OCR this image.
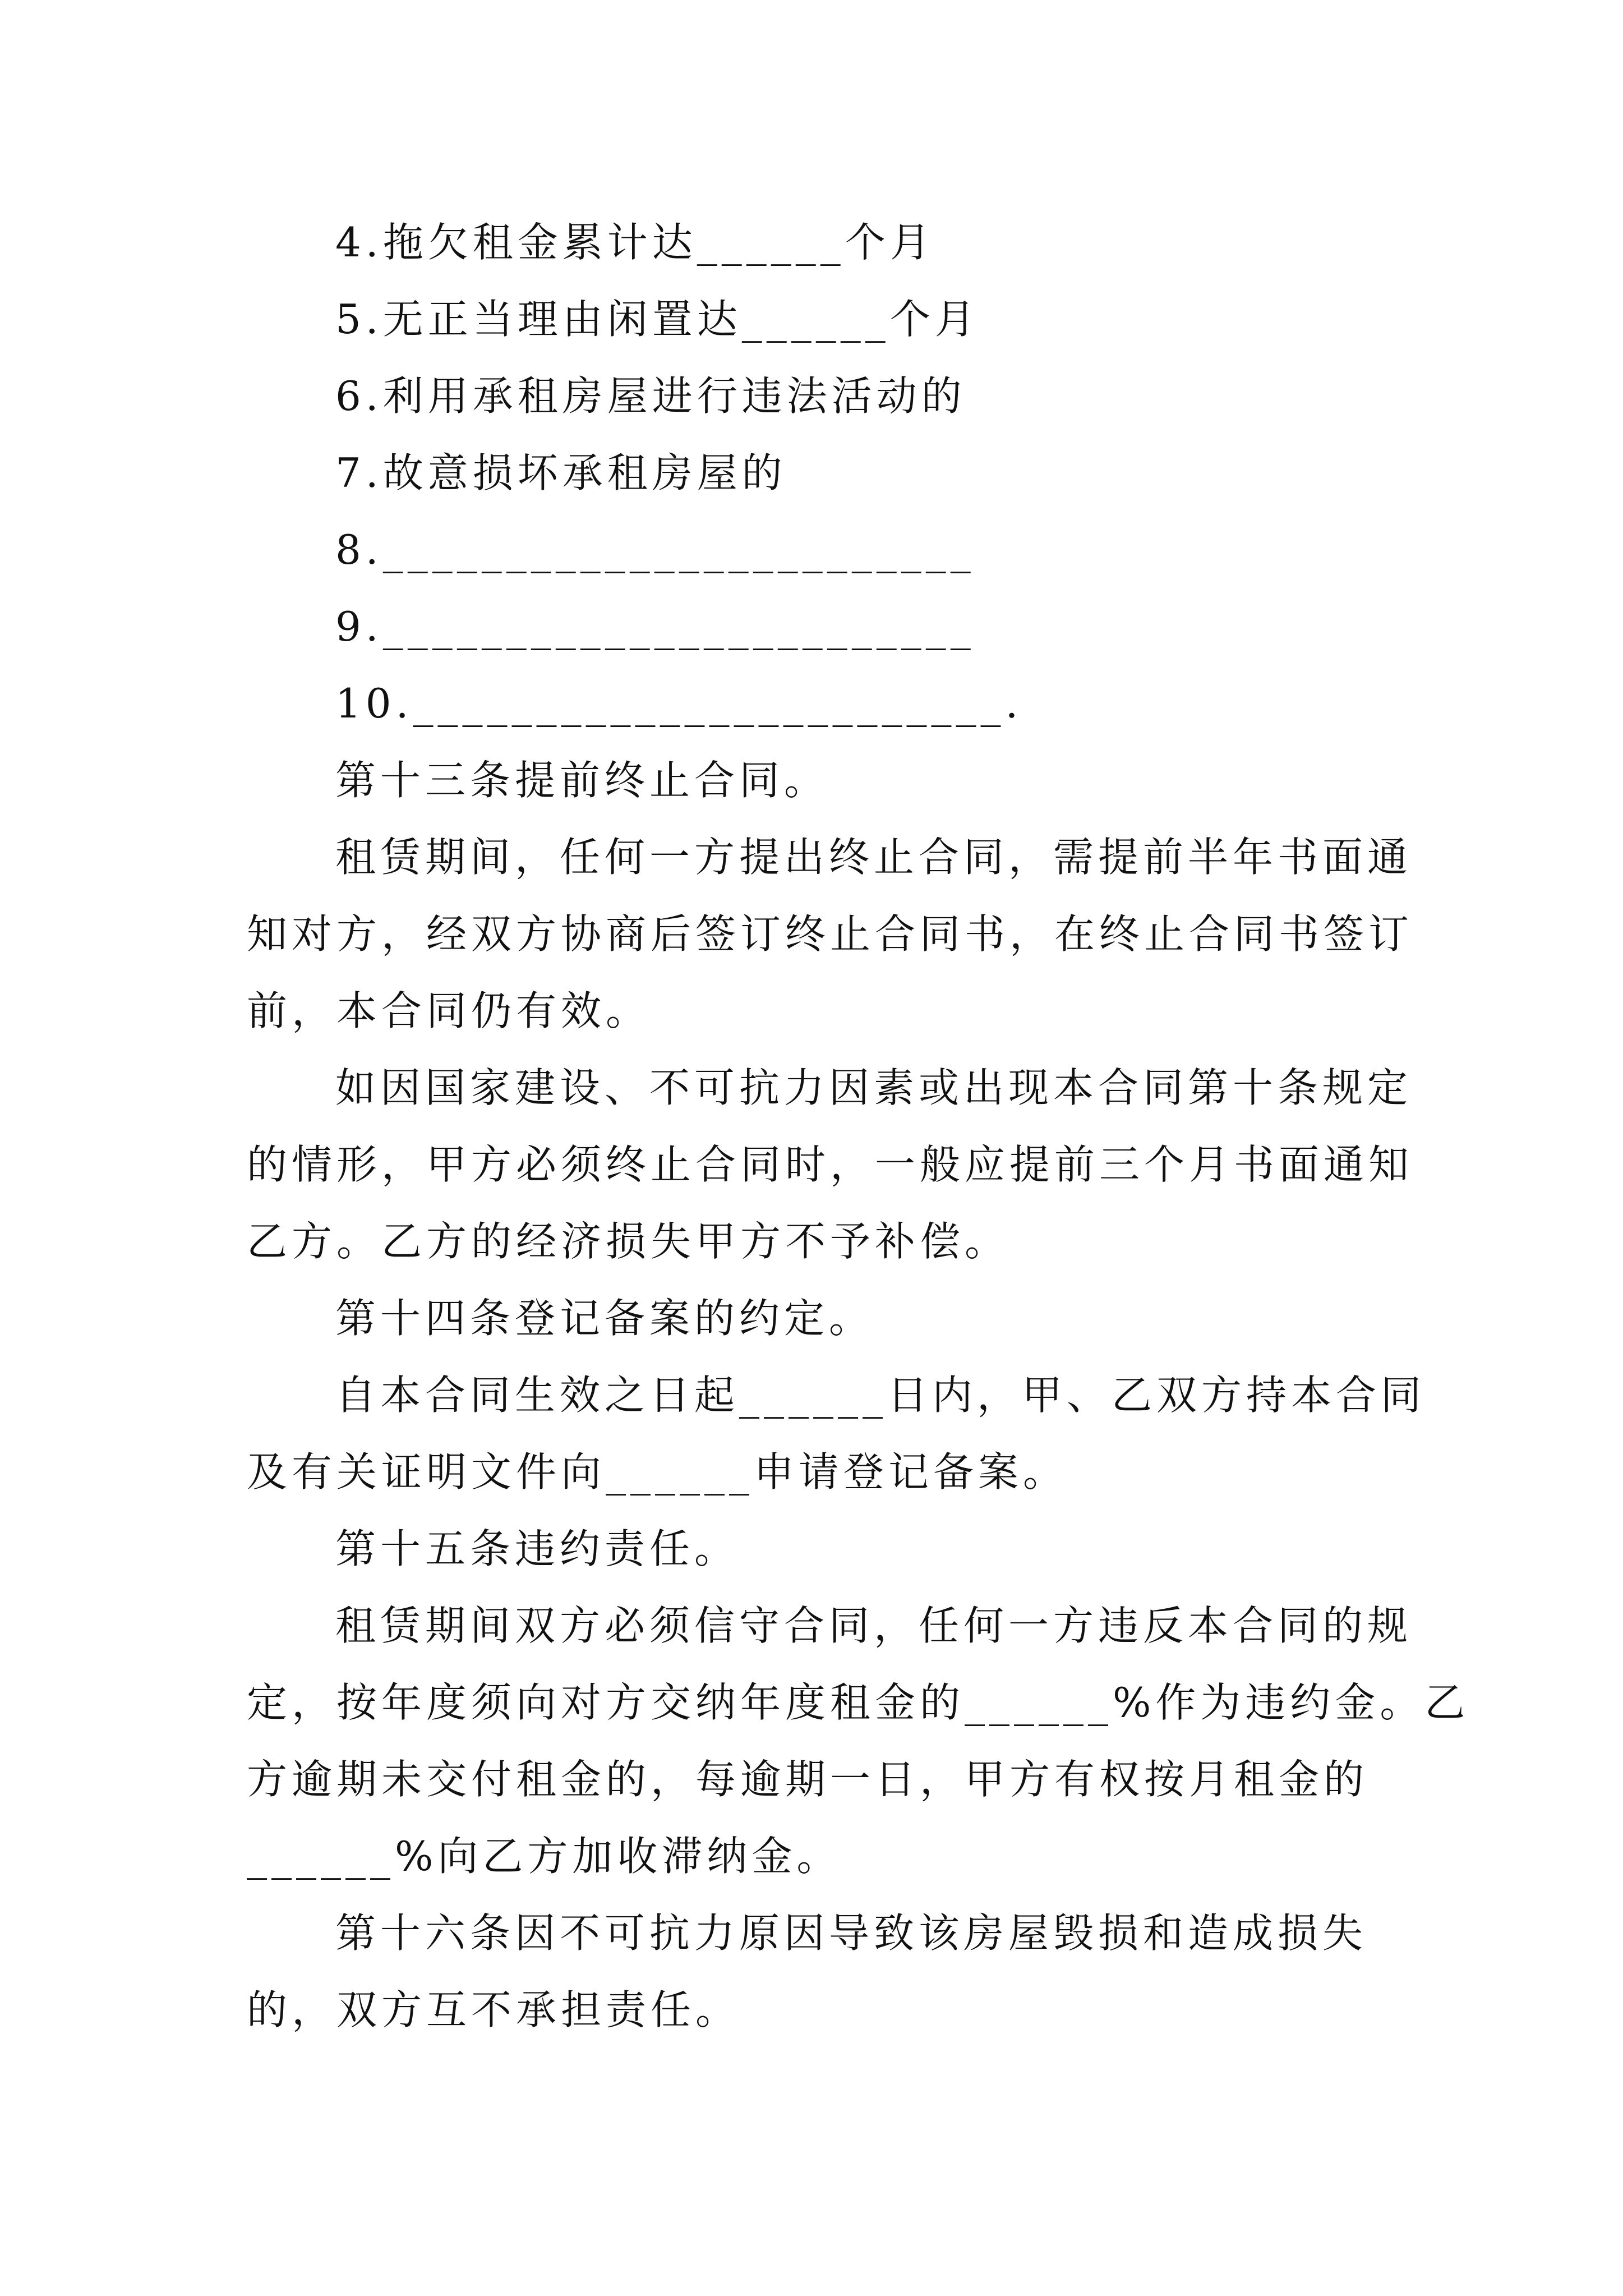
4.拖欠租金累计达______个月
5.无正当理由闲置达______个月
6.利用承租房屋进行违法活动的
7.故意损坏承租房屋的
8.________________________
9.________________________
10.________________________.
第十三条提前终止合同。
租赁期间，任何一方提出终止合同，需提前半年书面通
知对方，经双方协商后签订终止合同书，在终止合同书签订
前，本合同仍有效。
如因国家建设、不可抗力因素或出现本合同第十条规定
的情形，甲方必须终止合同时，一般应提前三个月书面通知
乙方。乙方的经济损失甲方不予补偿。
第十四条登记备案的约定。
自本合同生效之日起______日内，甲、乙双方持本合同
及有关证明文件向______申请登记备案。
第十五条违约责任。
租赁期间双方必须信守合同，任何一方违反本合同的规
定，按年度须向对方交纳年度租金的______%作为违约金。乙
方逾期未交付租金的，每逾期一日，甲方有权按月租金的
______%向乙方加收滞纳金。
第十六条因不可抗力原因导致该房屋毁损和造成损失
的，双方互不承担责任。
